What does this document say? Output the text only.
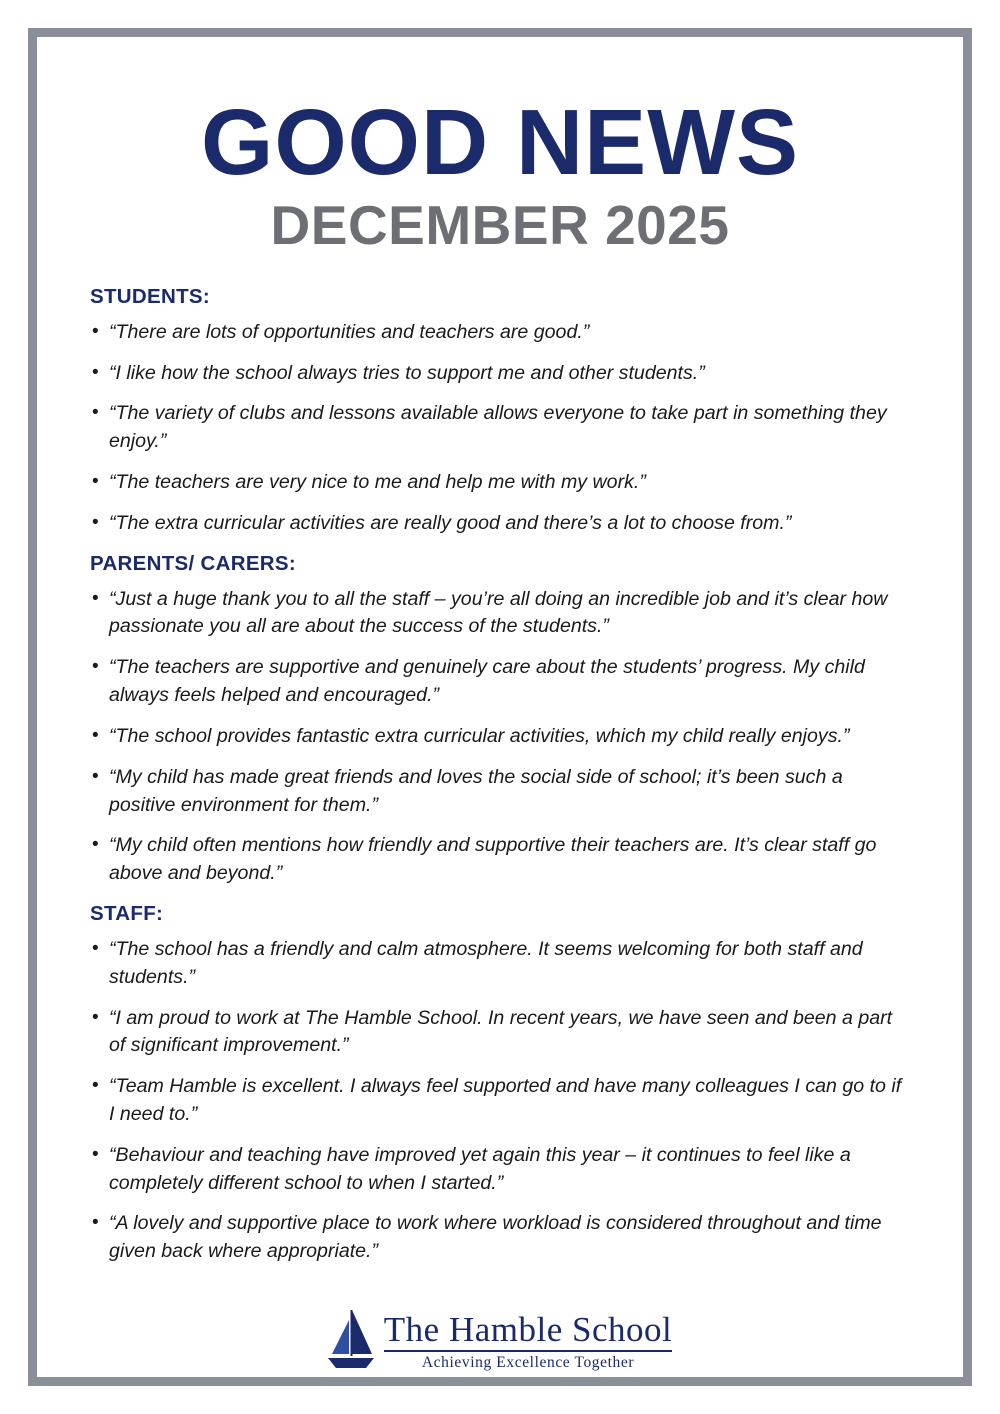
GOOD NEWS
DECEMBER 2025
STUDENTS:
• “There are lots of opportunities and teachers are good.”
• “I like how the school always tries to support me and other students.”
• “The variety of clubs and lessons available allows everyone to take part in something they enjoy.”
• “The teachers are very nice to me and help me with my work.”
• “The extra curricular activities are really good and there’s a lot to choose from.”
PARENTS/ CARERS:
• “Just a huge thank you to all the staff – you’re all doing an incredible job and it’s clear how passionate you all are about the success of the students.”
• “The teachers are supportive and genuinely care about the students’ progress. My child always feels helped and encouraged.”
• “The school provides fantastic extra curricular activities, which my child really enjoys.”
• “My child has made great friends and loves the social side of school; it’s been such a positive environment for them.”
• “My child often mentions how friendly and supportive their teachers are. It’s clear staff go above and beyond.”
STAFF:
• “The school has a friendly and calm atmosphere. It seems welcoming for both staff and students.”
• “I am proud to work at The Hamble School. In recent years, we have seen and been a part of significant improvement.”
• “Team Hamble is excellent. I always feel supported and have many colleagues I can go to if I need to.”
• “Behaviour and teaching have improved yet again this year – it continues to feel like a completely different school to when I started.”
• “A lovely and supportive place to work where workload is considered throughout and time given back where appropriate.”
The Hamble School
Achieving Excellence Together
